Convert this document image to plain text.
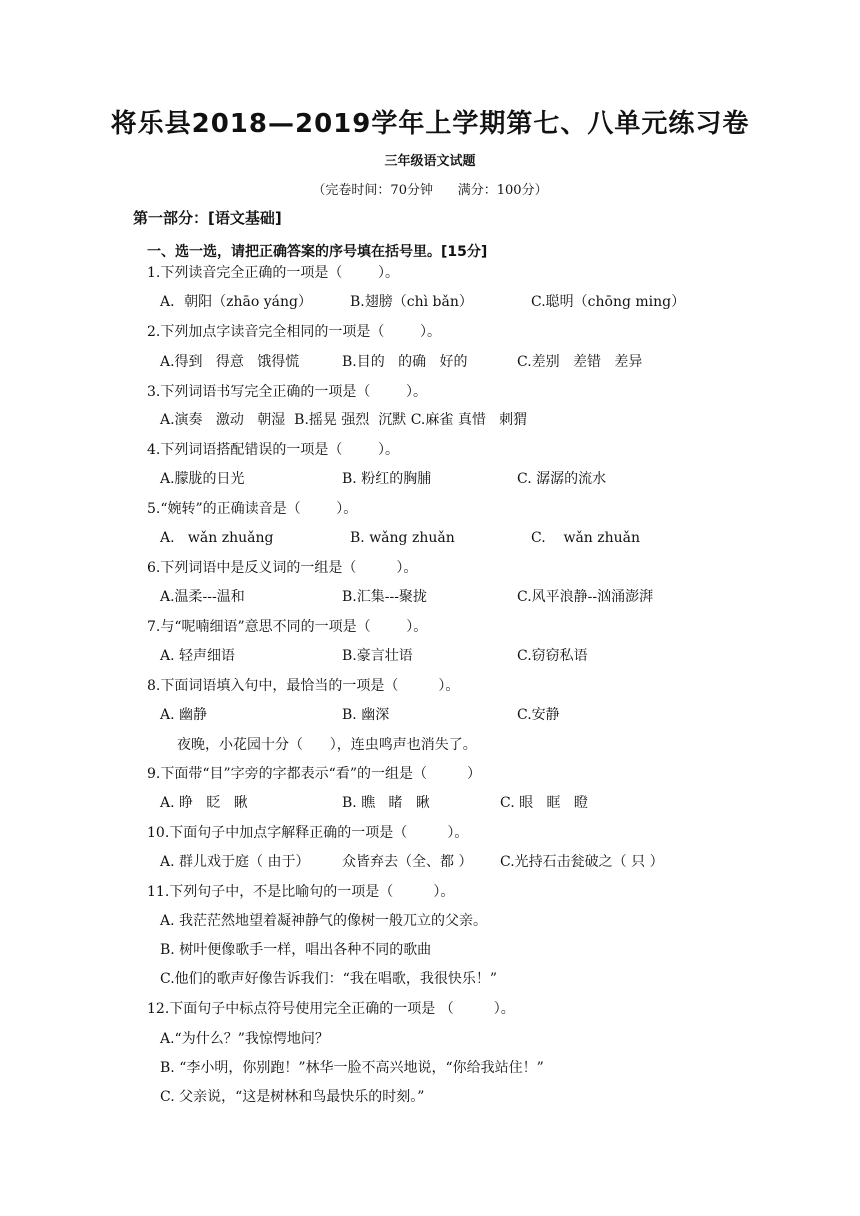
将乐县2018—2019学年上学期第七、八单元练习卷
三年级语文试题
（完卷时间：70分钟      满分：100分）
第一部分：[语文基础]
一、选一选，请把正确答案的序号填在括号里。[15分]
1.下列读音完全正确的一项是（        ）。
A．朝阳（zhāo yáng）	B.翅膀（chì bǎn）	C.聪明（chōng ming）
2.下列加点字读音完全相同的一项是（        ）。
A.得到   得意   饿得慌	B.目的   的确   好的	C.差别   差错   差异
3.下列词语书写完全正确的一项是（        ）。
A.演奏   激动   朝湿  B.摇晃 强烈  沉默 C.麻雀 真惜   刺猬
4.下列词语搭配错误的一项是（        ）。
A.朦胧的日光	B. 粉红的胸脯	C. 潺潺的流水
5.“婉转”的正确读音是（        ）。
A.   wǎn zhuǎng	B. wǎng zhuǎn	C.    wǎn zhuǎn
6.下列词语中是反义词的一组是（         ）。
A.温柔---温和	B.汇集---聚拢	C.风平浪静--汹涌澎湃
7.与“呢喃细语”意思不同的一项是（        ）。
A. 轻声细语	B.豪言壮语	C.窃窃私语
8.下面词语填入句中，最恰当的一项是（         ）。
A. 幽静	B. 幽深	C.安静
夜晚，小花园十分（      ），连虫鸣声也消失了。
9.下面带“目”字旁的字都表示“看”的一组是（         ）
A. 睁   眨   瞅	B. 瞧   睹   瞅	C. 眼   眶   瞪
10.下面句子中加点字解释正确的一项是（         ）。
A. 群儿戏于庭（ 由于） 众皆弃去（全、都 ） C.光持石击瓮破之（ 只 ）
11.下列句子中，不是比喻句的一项是（         ）。
A. 我茫茫然地望着凝神静气的像树一般兀立的父亲。
B. 树叶便像歌手一样，唱出各种不同的歌曲
C.他们的歌声好像告诉我们：“我在唱歌，我很快乐！”
12.下面句子中标点符号使用完全正确的一项是 （         ）。
A.“为什么？”我惊愕地问？
B. “李小明，你别跑！”林华一脸不高兴地说，“你给我站住！”
C. 父亲说，“这是树林和鸟最快乐的时刻。”
